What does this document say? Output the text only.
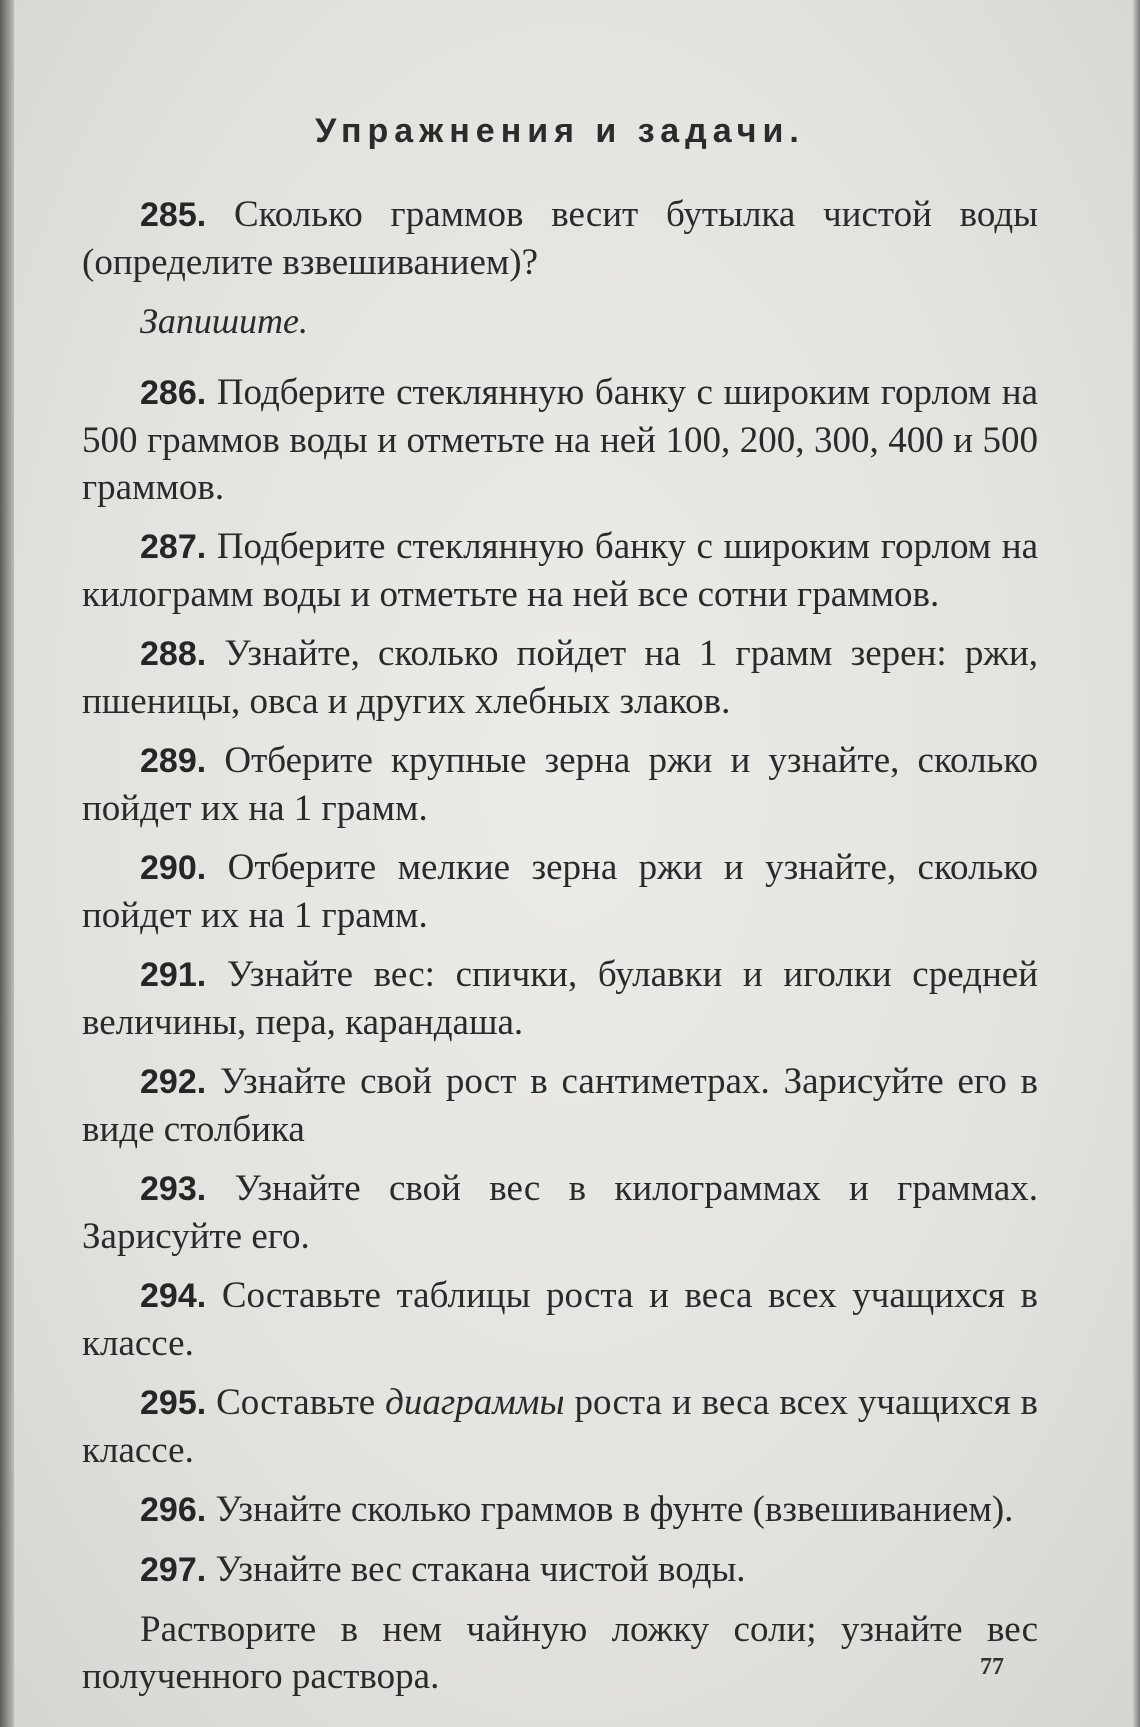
Упражнения и задачи.

285. Сколько граммов весит бутылка чистой воды (определите взвешиванием)?

Запишите.

286. Подберите стеклянную банку с широким горлом на 500 граммов воды и отметьте на ней 100, 200, 300, 400 и 500 граммов.

287. Подберите стеклянную банку с широким горлом на килограмм воды и отметьте на ней все сотни граммов.

288. Узнайте, сколько пойдет на 1 грамм зерен: ржи, пшеницы, овса и других хлебных злаков.

289. Отберите крупные зерна ржи и узнайте, сколько пойдет их на 1 грамм.

290. Отберите мелкие зерна ржи и узнайте, сколько пойдет их на 1 грамм.

291. Узнайте вес: спички, булавки и иголки средней величины, пера, карандаша.

292. Узнайте свой рост в сантиметрах. Зарисуйте его в виде столбика

293. Узнайте свой вес в килограммах и граммах. Зарисуйте его.

294. Составьте таблицы роста и веса всех учащихся в классе.

295. Составьте диаграммы роста и веса всех учащихся в классе.

296. Узнайте сколько граммов в фунте (взвешиванием).

297. Узнайте вес стакана чистой воды.

Растворите в нем чайную ложку соли; узнайте вес полученного раствора.	77
